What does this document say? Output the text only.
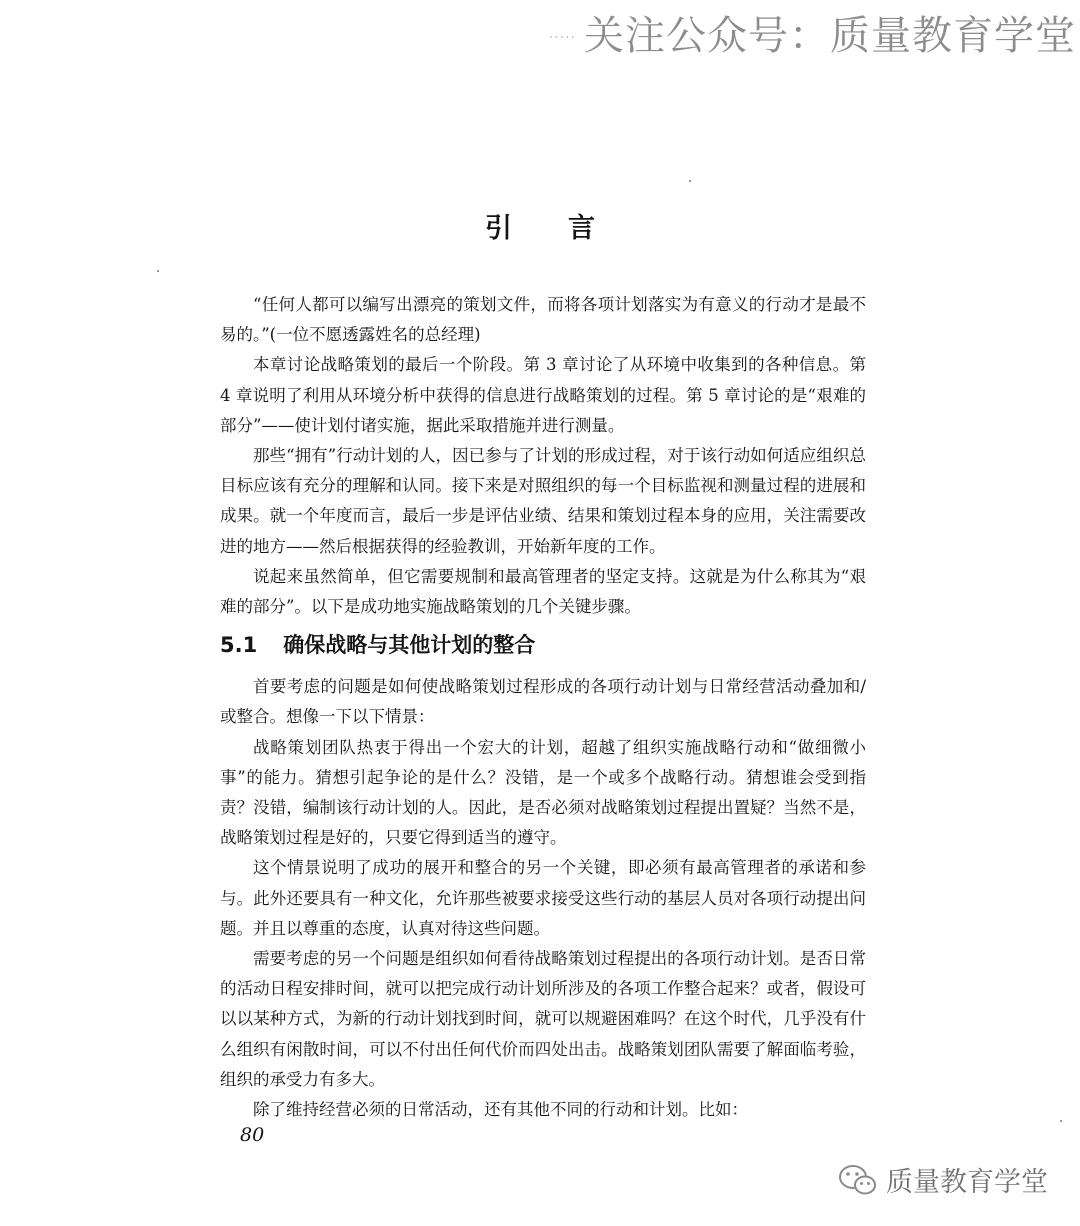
····· 关注公众号：质量教育学堂
引言

“任何人都可以编写出漂亮的策划文件，而将各项计划落实为有意义的行动才是最不易的。”(一位不愿透露姓名的总经理)

本章讨论战略策划的最后一个阶段。第 3 章讨论了从环境中收集到的各种信息。第 4 章说明了利用从环境分析中获得的信息进行战略策划的过程。第 5 章讨论的是“艰难的部分”——使计划付诸实施，据此采取措施并进行测量。

那些“拥有”行动计划的人，因已参与了计划的形成过程，对于该行动如何适应组织总目标应该有充分的理解和认同。接下来是对照组织的每一个目标监视和测量过程的进展和成果。就一个年度而言，最后一步是评估业绩、结果和策划过程本身的应用，关注需要改进的地方——然后根据获得的经验教训，开始新年度的工作。

说起来虽然简单，但它需要规制和最高管理者的坚定支持。这就是为什么称其为“艰难的部分”。以下是成功地实施战略策划的几个关键步骤。

5.1 确保战略与其他计划的整合

首要考虑的问题是如何使战略策划过程形成的各项行动计划与日常经营活动叠加和/或整合。想像一下以下情景：

战略策划团队热衷于得出一个宏大的计划，超越了组织实施战略行动和“做细微小事”的能力。猜想引起争论的是什么？没错，是一个或多个战略行动。猜想谁会受到指责？没错，编制该行动计划的人。因此，是否必须对战略策划过程提出置疑？当然不是，战略策划过程是好的，只要它得到适当的遵守。

这个情景说明了成功的展开和整合的另一个关键，即必须有最高管理者的承诺和参与。此外还要具有一种文化，允许那些被要求接受这些行动的基层人员对各项行动提出问题。并且以尊重的态度，认真对待这些问题。

需要考虑的另一个问题是组织如何看待战略策划过程提出的各项行动计划。是否日常的活动日程安排时间，就可以把完成行动计划所涉及的各项工作整合起来？或者，假设可以以某种方式，为新的行动计划找到时间，就可以规避困难吗？在这个时代，几乎没有什么组织有闲散时间，可以不付出任何代价而四处出击。战略策划团队需要了解面临考验，组织的承受力有多大。

除了维持经营必须的日常活动，还有其他不同的行动和计划。比如：

80
质量教育学堂
